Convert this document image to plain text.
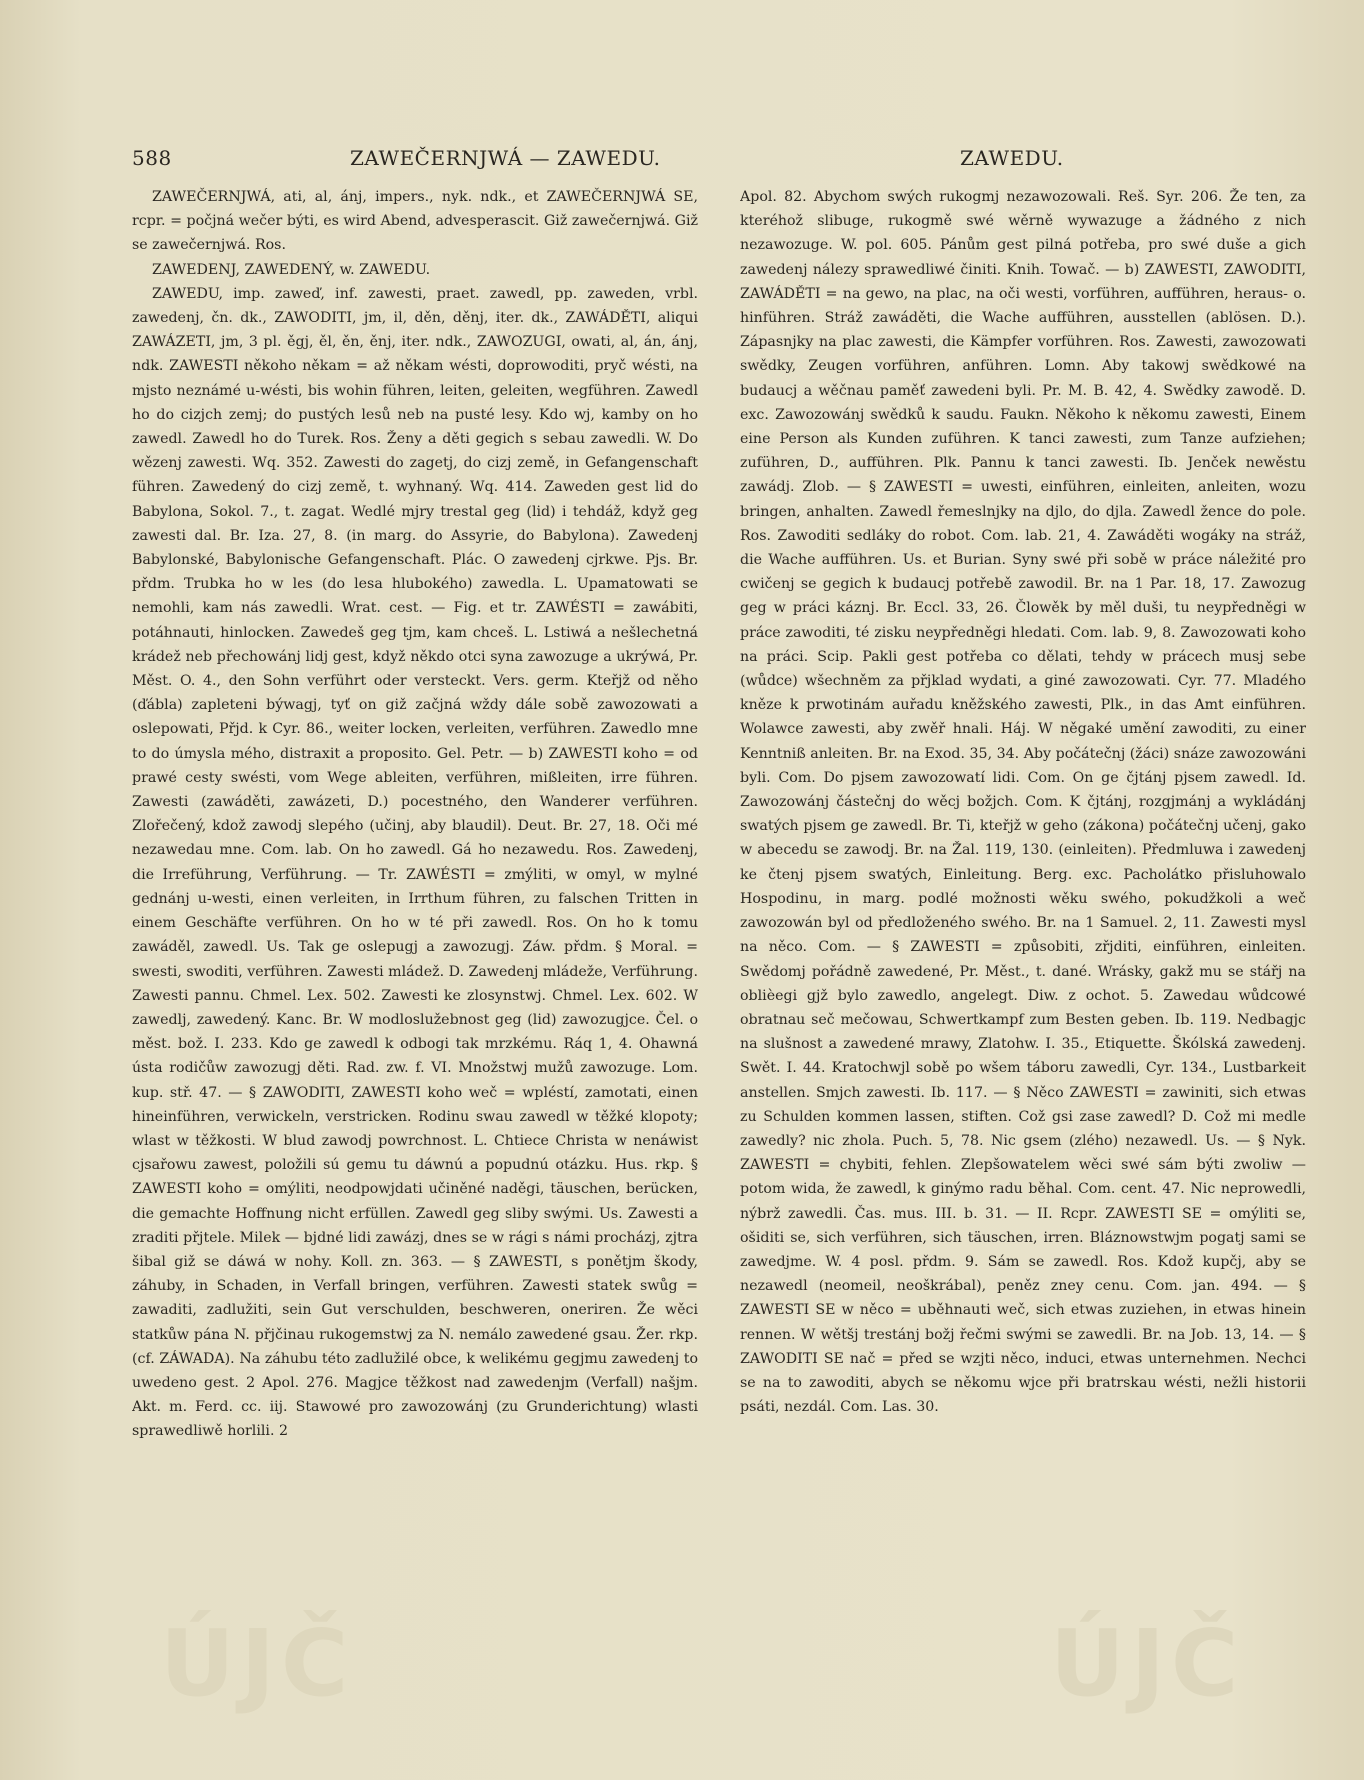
588	ZAWEČERNJWÁ — ZAWEDU.	ZAWEDU.

ZAWEČERNJWÁ, ati, al, ánj, impers., nyk. ndk., et ZAWEČERNJWÁ SE, rcpr. = počjná wečer býti, es wird Abend, advesperascit. Giž zawečernjwá. Giž se zawečernjwá. Ros.

ZAWEDENJ, ZAWEDENÝ, w. ZAWEDU.

ZAWEDU, imp. zaweď, inf. zawesti, praet. zawedl, pp. zaweden, vrbl. zawedenj, čn. dk., ZAWODITI, jm, il, děn, děnj, iter. dk., ZAWÁDĚTI, aliqui ZAWÁZETI, jm, 3 pl. ěgj, ěl, ěn, ěnj, iter. ndk., ZAWOZUGI, owati, al, án, ánj, ndk. ZAWESTI někoho někam = až někam wésti, doprowoditi, pryč wésti, na mjsto neznámé u-wésti, bis wohin führen, leiten, geleiten, wegführen. Zawedl ho do cizjch zemj; do pustých lesů neb na pusté lesy. Kdo wj, kamby on ho zawedl. Zawedl ho do Turek. Ros. Ženy a děti gegich s sebau zawedli. W. Do wězenj zawesti. Wq. 352. Zawesti do zagetj, do cizj země, in Gefangenschaft führen. Zawedený do cizj země, t. wyhnaný. Wq. 414. Zaweden gest lid do Babylona, Sokol. 7., t. zagat. Wedlé mjry trestal geg (lid) i tehdáž, když geg zawesti dal. Br. Iza. 27, 8. (in marg. do Assyrie, do Babylona). Zawedenj Babylonské, Babylonische Gefangenschaft. Plác. O zawedenj cjrkwe. Pjs. Br. přdm. Trubka ho w les (do lesa hlubokého) zawedla. L. Upamatowati se nemohli, kam nás zawedli. Wrat. cest. — Fig. et tr. ZAWÉSTI = zawábiti, potáhnauti, hinlocken. Zawedeš geg tjm, kam chceš. L. Lstiwá a nešlechetná krádež neb přechowánj lidj gest, když někdo otci syna zawozuge a ukrýwá, Pr. Měst. O. 4., den Sohn verführt oder versteckt. Vers. germ. Kteřjž od něho (ďábla) zapleteni býwagj, tyť on giž začjná wždy dále sobě zawozowati a oslepowati, Přjd. k Cyr. 86., weiter locken, verleiten, verführen. Zawedlo mne to do úmysla mého, distraxit a proposito. Gel. Petr. — b) ZAWESTI koho = od prawé cesty swésti, vom Wege ableiten, verführen, mißleiten, irre führen. Zawesti (zawáděti, zawázeti, D.) pocestného, den Wanderer verführen. Zlořečený, kdož zawodj slepého (učinj, aby blaudil). Deut. Br. 27, 18. Oči mé nezawedau mne. Com. lab. On ho zawedl. Gá ho nezawedu. Ros. Zawedenj, die Irreführung, Verführung. — Tr. ZAWÉSTI = zmýliti, w omyl, w mylné gednánj u-westi, einen verleiten, in Irrthum führen, zu falschen Tritten in einem Geschäfte verführen. On ho w té při zawedl. Ros. On ho k tomu zawáděl, zawedl. Us. Tak ge oslepugj a zawozugj. Záw. přdm. § Moral. = swesti, swoditi, verführen. Zawesti mládež. D. Zawedenj mládeže, Verführung. Zawesti pannu. Chmel. Lex. 502. Zawesti ke zlosynstwj. Chmel. Lex. 602. W zawedlj, zawedený. Kanc. Br. W modloslužebnost geg (lid) zawozugjce. Čel. o měst. bož. I. 233. Kdo ge zawedl k odbogi tak mrzkému. Ráq 1, 4. Ohawná ústa rodičůw zawozugj děti. Rad. zw. f. VI. Množstwj mužů zawozuge. Lom. kup. stř. 47. — § ZAWODITI, ZAWESTI koho weč = wpléstí, zamotati, einen hineinführen, verwickeln, verstricken. Rodinu swau zawedl w těžké klopoty; wlast w těžkosti. W blud zawodj powrchnost. L. Chtiece Christa w nenáwist cjsařowu zawest, položili sú gemu tu dáwnú a popudnú otázku. Hus. rkp. § ZAWESTI koho = omýliti, neodpowjdati učiněné naděgi, täuschen, berücken, die gemachte Hoffnung nicht erfüllen. Zawedl geg sliby swými. Us. Zawesti a zraditi přjtele. Milek — bjdné lidi zawázj, dnes se w rági s námi procházj, zjtra šibal giž se dáwá w nohy. Koll. zn. 363. — § ZAWESTI, s ponětjm škody, záhuby, in Schaden, in Verfall bringen, verführen. Zawesti statek swůg = zawaditi, zadlužiti, sein Gut verschulden, beschweren, oneriren. Že wěci statkůw pána N. přjčinau rukogemstwj za N. nemálo zawedené gsau. Žer. rkp. (cf. ZÁWADA). Na záhubu této zadlužilé obce, k welikému gegjmu zawedenj to uwedeno gest. 2 Apol. 276. Magjce těžkost nad zawedenjm (Verfall) našjm. Akt. m. Ferd. cc. iij. Stawowé pro zawozowánj (zu Grunderichtung) wlasti sprawedliwě horlili. 2

Apol. 82. Abychom swých rukogmj nezawozowali. Reš. Syr. 206. Že ten, za kteréhož slibuge, rukogmě swé wěrně wywazuge a žádného z nich nezawozuge. W. pol. 605. Pánům gest pilná potřeba, pro swé duše a gich zawedenj nálezy sprawedliwé činiti. Knih. Towač. — b) ZAWESTI, ZAWODITI, ZAWÁDĚTI = na gewo, na plac, na oči westi, vorführen, aufführen, heraus- o. hinführen. Stráž zawáděti, die Wache aufführen, ausstellen (ablösen. D.). Zápasnjky na plac zawesti, die Kämpfer vorführen. Ros. Zawesti, zawozowati swědky, Zeugen vorführen, anführen. Lomn. Aby takowj swědkowé na budaucj a wěčnau paměť zawedeni byli. Pr. M. B. 42, 4. Swědky zawodě. D. exc. Zawozowánj swědků k saudu. Faukn. Někoho k někomu zawesti, Einem eine Person als Kunden zuführen. K tanci zawesti, zum Tanze aufziehen; zuführen, D., aufführen. Plk. Pannu k tanci zawesti. Ib. Jenček newěstu zawádj. Zlob. — § ZAWESTI = uwesti, einführen, einleiten, anleiten, wozu bringen, anhalten. Zawedl řemeslnjky na djlo, do djla. Zawedl žence do pole. Ros. Zawoditi sedláky do robot. Com. lab. 21, 4. Zawáděti wogáky na stráž, die Wache aufführen. Us. et Burian. Syny swé při sobě w práce náležité pro cwičenj se gegich k budaucj potřebě zawodil. Br. na 1 Par. 18, 17. Zawozug geg w práci káznj. Br. Eccl. 33, 26. Člowěk by měl duši, tu neypředněgi w práce zawoditi, té zisku neypředněgi hledati. Com. lab. 9, 8. Zawozowati koho na práci. Scip. Pakli gest potřeba co dělati, tehdy w prácech musj sebe (wůdce) wšechněm za přjklad wydati, a giné zawozowati. Cyr. 77. Mladého kněze k prwotinám auřadu kněžského zawesti, Plk., in das Amt einführen. Wolawce zawesti, aby zwěř hnali. Háj. W něgaké umění zawoditi, zu einer Kenntniß anleiten. Br. na Exod. 35, 34. Aby počátečnj (žáci) snáze zawozowáni byli. Com. Do pjsem zawozowatí lidi. Com. On ge čjtánj pjsem zawedl. Id. Zawozowánj částečnj do wěcj božjch. Com. K čjtánj, rozgjmánj a wykládánj swatých pjsem ge zawedl. Br. Ti, kteřjž w geho (zákona) počátečnj učenj, gako w abecedu se zawodj. Br. na Žal. 119, 130. (einleiten). Předmluwa i zawedenj ke čtenj pjsem swatých, Einleitung. Berg. exc. Pacholátko přisluhowalo Hospodinu, in marg. podlé možnosti wěku swého, pokudžkoli a weč zawozowán byl od předloženého swého. Br. na 1 Samuel. 2, 11. Zawesti mysl na něco. Com. — § ZAWESTI = způsobiti, zřjditi, einführen, einleiten. Swědomj pořádně zawedené, Pr. Měst., t. dané. Wrásky, gakž mu se stářj na oblièegi gjž bylo zawedlo, angelegt. Diw. z ochot. 5. Zawedau wůdcowé obratnau seč mečowau, Schwertkampf zum Besten geben. Ib. 119. Nedbagjc na slušnost a zawedené mrawy, Zlatohw. I. 35., Etiquette. Škólská zawedenj. Swět. I. 44. Kratochwjl sobě po wšem táboru zawedli, Cyr. 134., Lustbarkeit anstellen. Smjch zawesti. Ib. 117. — § Něco ZAWESTI = zawiniti, sich etwas zu Schulden kommen lassen, stiften. Což gsi zase zawedl? D. Což mi medle zawedly? nic zhola. Puch. 5, 78. Nic gsem (zlého) nezawedl. Us. — § Nyk. ZAWESTI = chybiti, fehlen. Zlepšowatelem wěci swé sám býti zwoliw — potom wida, že zawedl, k ginýmo radu běhal. Com. cent. 47. Nic neprowedli, nýbrž zawedli. Čas. mus. III. b. 31. — II. Rcpr. ZAWESTI SE = omýliti se, ošiditi se, sich verführen, sich täuschen, irren. Bláznowstwjm pogatj sami se zawedjme. W. 4 posl. přdm. 9. Sám se zawedl. Ros. Kdož kupčj, aby se nezawedl (neomeil, neoškrábal), peněz zney cenu. Com. jan. 494. — § ZAWESTI SE w něco = uběhnauti weč, sich etwas zuziehen, in etwas hinein rennen. W wětšj trestánj božj řečmi swými se zawedli. Br. na Job. 13, 14. — § ZAWODITI SE nač = před se wzjti něco, induci, etwas unternehmen. Nechci se na to zawoditi, abych se někomu wjce při bratrskau wésti, nežli historii psáti, nezdál. Com. Las. 30.

ÚJČ	ÚJČ
